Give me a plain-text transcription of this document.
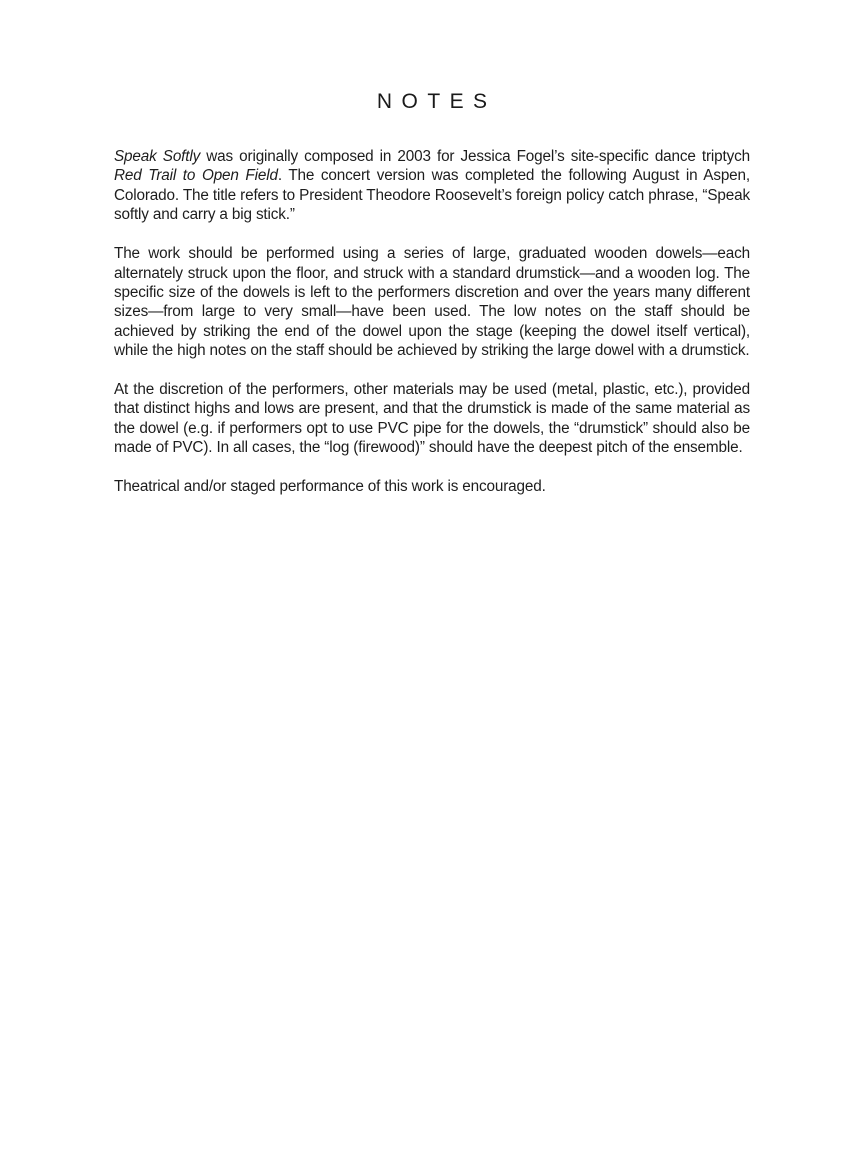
NOTES

Speak Softly was originally composed in 2003 for Jessica Fogel’s site-specific dance triptych Red Trail to Open Field. The concert version was completed the following August in Aspen, Colorado. The title refers to President Theodore Roosevelt’s foreign policy catch phrase, “Speak softly and carry a big stick.”

The work should be performed using a series of large, graduated wooden dowels—each alternately struck upon the floor, and struck with a standard drumstick—and a wooden log. The specific size of the dowels is left to the performers discretion and over the years many different sizes—from large to very small—have been used. The low notes on the staff should be achieved by striking the end of the dowel upon the stage (keeping the dowel itself vertical), while the high notes on the staff should be achieved by striking the large dowel with a drumstick.

At the discretion of the performers, other materials may be used (metal, plastic, etc.), provided that distinct highs and lows are present, and that the drumstick is made of the same material as the dowel (e.g. if performers opt to use PVC pipe for the dowels, the “drumstick” should also be made of PVC). In all cases, the “log (firewood)” should have the deepest pitch of the ensemble.

Theatrical and/or staged performance of this work is encouraged.
